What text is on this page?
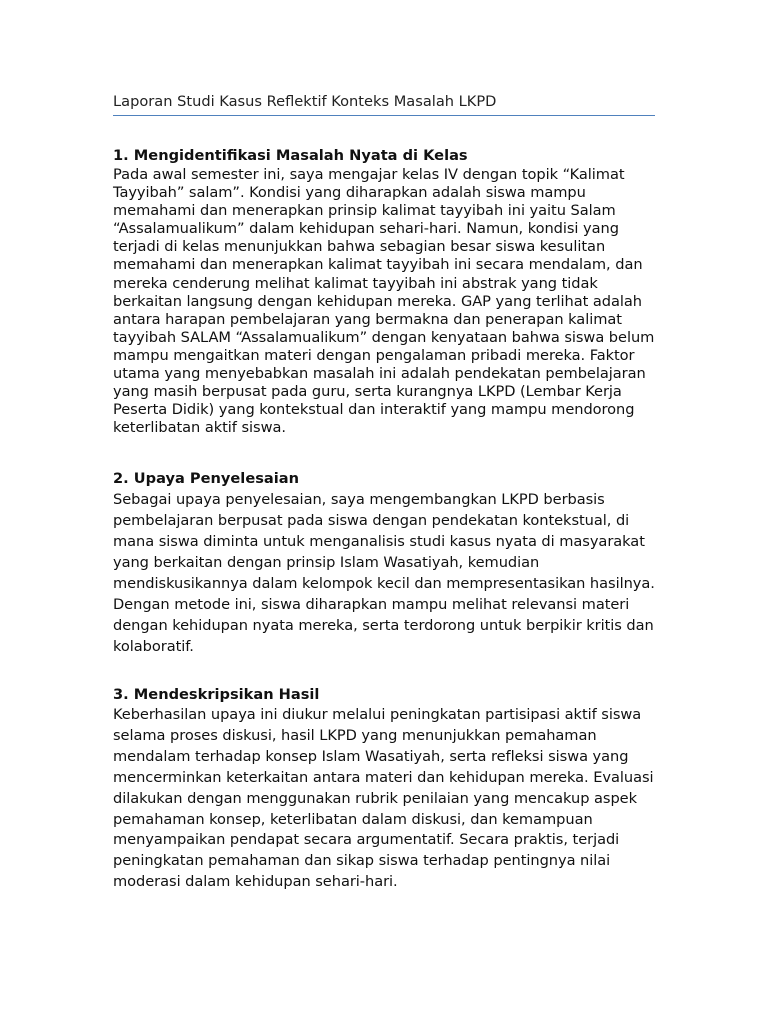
Laporan Studi Kasus Reflektif Konteks Masalah LKPD
1. Mengidentifikasi Masalah Nyata di Kelas

Pada awal semester ini, saya mengajar kelas IV dengan topik “Kalimat Tayyibah” salam”. Kondisi yang diharapkan adalah siswa mampu memahami dan menerapkan prinsip kalimat tayyibah ini yaitu Salam “Assalamualikum” dalam kehidupan sehari-hari. Namun, kondisi yang terjadi di kelas menunjukkan bahwa sebagian besar siswa kesulitan memahami dan menerapkan kalimat tayyibah ini secara mendalam, dan mereka cenderung melihat kalimat tayyibah ini abstrak yang tidak berkaitan langsung dengan kehidupan mereka. GAP yang terlihat adalah antara harapan pembelajaran yang bermakna dan penerapan kalimat tayyibah SALAM “Assalamualikum” dengan kenyataan bahwa siswa belum mampu mengaitkan materi dengan pengalaman pribadi mereka. Faktor utama yang menyebabkan masalah ini adalah pendekatan pembelajaran yang masih berpusat pada guru, serta kurangnya LKPD (Lembar Kerja Peserta Didik) yang kontekstual dan interaktif yang mampu mendorong keterlibatan aktif siswa.

2. Upaya Penyelesaian

Sebagai upaya penyelesaian, saya mengembangkan LKPD berbasis pembelajaran berpusat pada siswa dengan pendekatan kontekstual, di mana siswa diminta untuk menganalisis studi kasus nyata di masyarakat yang berkaitan dengan prinsip Islam Wasatiyah, kemudian mendiskusikannya dalam kelompok kecil dan mempresentasikan hasilnya. Dengan metode ini, siswa diharapkan mampu melihat relevansi materi dengan kehidupan nyata mereka, serta terdorong untuk berpikir kritis dan kolaboratif.

3. Mendeskripsikan Hasil

Keberhasilan upaya ini diukur melalui peningkatan partisipasi aktif siswa selama proses diskusi, hasil LKPD yang menunjukkan pemahaman mendalam terhadap konsep Islam Wasatiyah, serta refleksi siswa yang mencerminkan keterkaitan antara materi dan kehidupan mereka. Evaluasi dilakukan dengan menggunakan rubrik penilaian yang mencakup aspek pemahaman konsep, keterlibatan dalam diskusi, dan kemampuan menyampaikan pendapat secara argumentatif. Secara praktis, terjadi peningkatan pemahaman dan sikap siswa terhadap pentingnya nilai moderasi dalam kehidupan sehari-hari.
